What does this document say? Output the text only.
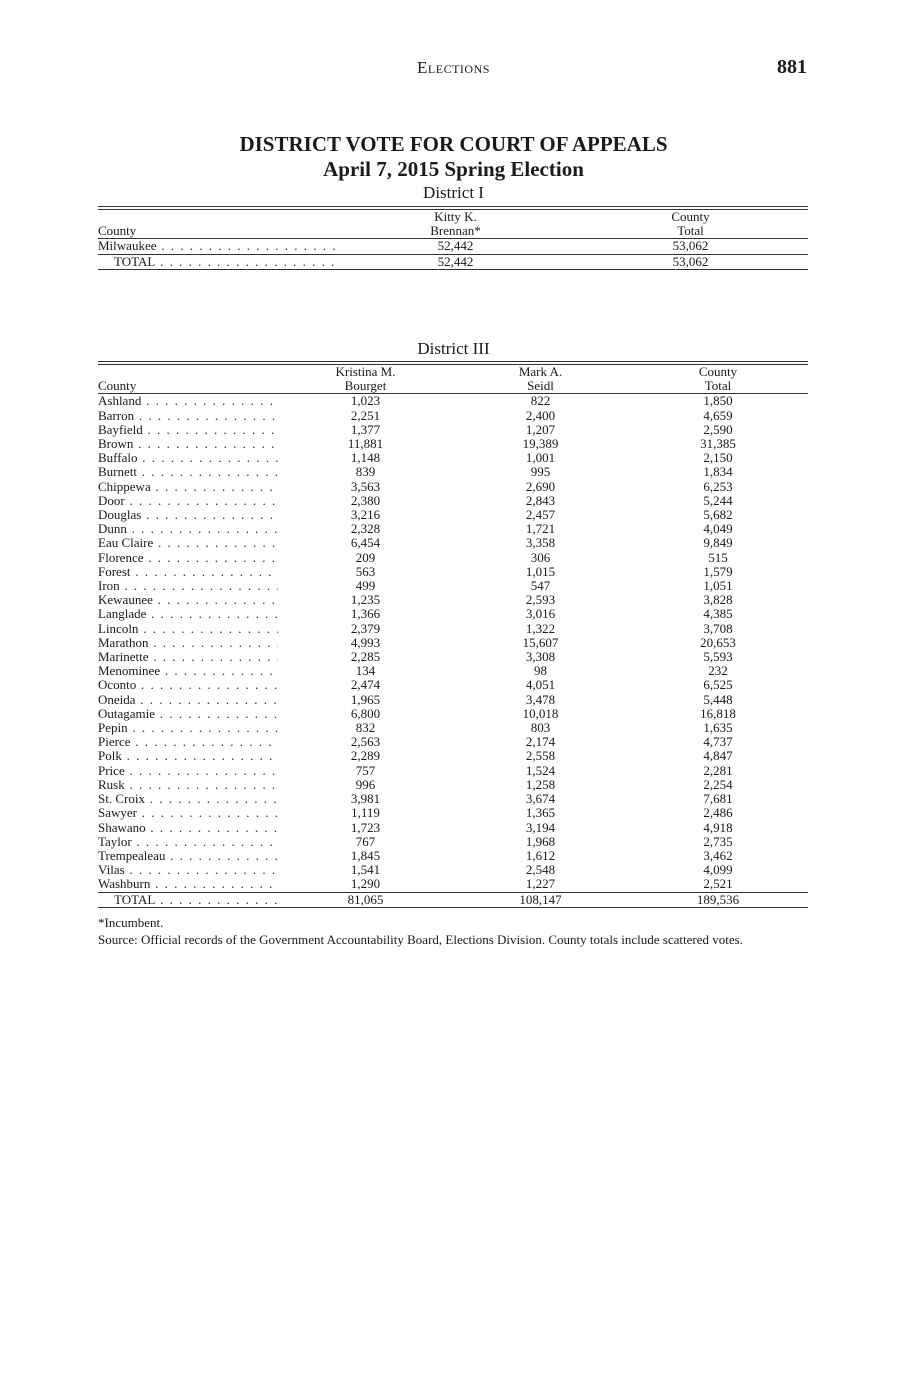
Elections	881
DISTRICT VOTE FOR COURT OF APPEALS
April 7, 2015 Spring Election
District I
	Kitty K.	County
County	Brennan*	Total
Milwaukee . . .	52,442	53,062
TOTAL . . .	52,442	53,062
District III
	Kristina M.	Mark A.	County
County	Bourget	Seidl	Total
Ashland . . .	1,023	822	1,850
Barron . . .	2,251	2,400	4,659
Bayfield . . .	1,377	1,207	2,590
Brown . . .	11,881	19,389	31,385
Buffalo . . .	1,148	1,001	2,150
Burnett . . .	839	995	1,834
Chippewa . . .	3,563	2,690	6,253
Door . . .	2,380	2,843	5,244
Douglas . . .	3,216	2,457	5,682
Dunn . . .	2,328	1,721	4,049
Eau Claire . . .	6,454	3,358	9,849
Florence . . .	209	306	515
Forest . . .	563	1,015	1,579
Iron . . .	499	547	1,051
Kewaunee . . .	1,235	2,593	3,828
Langlade . . .	1,366	3,016	4,385
Lincoln . . .	2,379	1,322	3,708
Marathon . . .	4,993	15,607	20,653
Marinette . . .	2,285	3,308	5,593
Menominee . . .	134	98	232
Oconto . . .	2,474	4,051	6,525
Oneida . . .	1,965	3,478	5,448
Outagamie . . .	6,800	10,018	16,818
Pepin . . .	832	803	1,635
Pierce . . .	2,563	2,174	4,737
Polk . . .	2,289	2,558	4,847
Price . . .	757	1,524	2,281
Rusk . . .	996	1,258	2,254
St. Croix . . .	3,981	3,674	7,681
Sawyer . . .	1,119	1,365	2,486
Shawano . . .	1,723	3,194	4,918
Taylor . . .	767	1,968	2,735
Trempealeau . . .	1,845	1,612	3,462
Vilas . . .	1,541	2,548	4,099
Washburn . . .	1,290	1,227	2,521
TOTAL . . .	81,065	108,147	189,536
*Incumbent.
Source: Official records of the Government Accountability Board, Elections Division. County totals include scattered votes.
